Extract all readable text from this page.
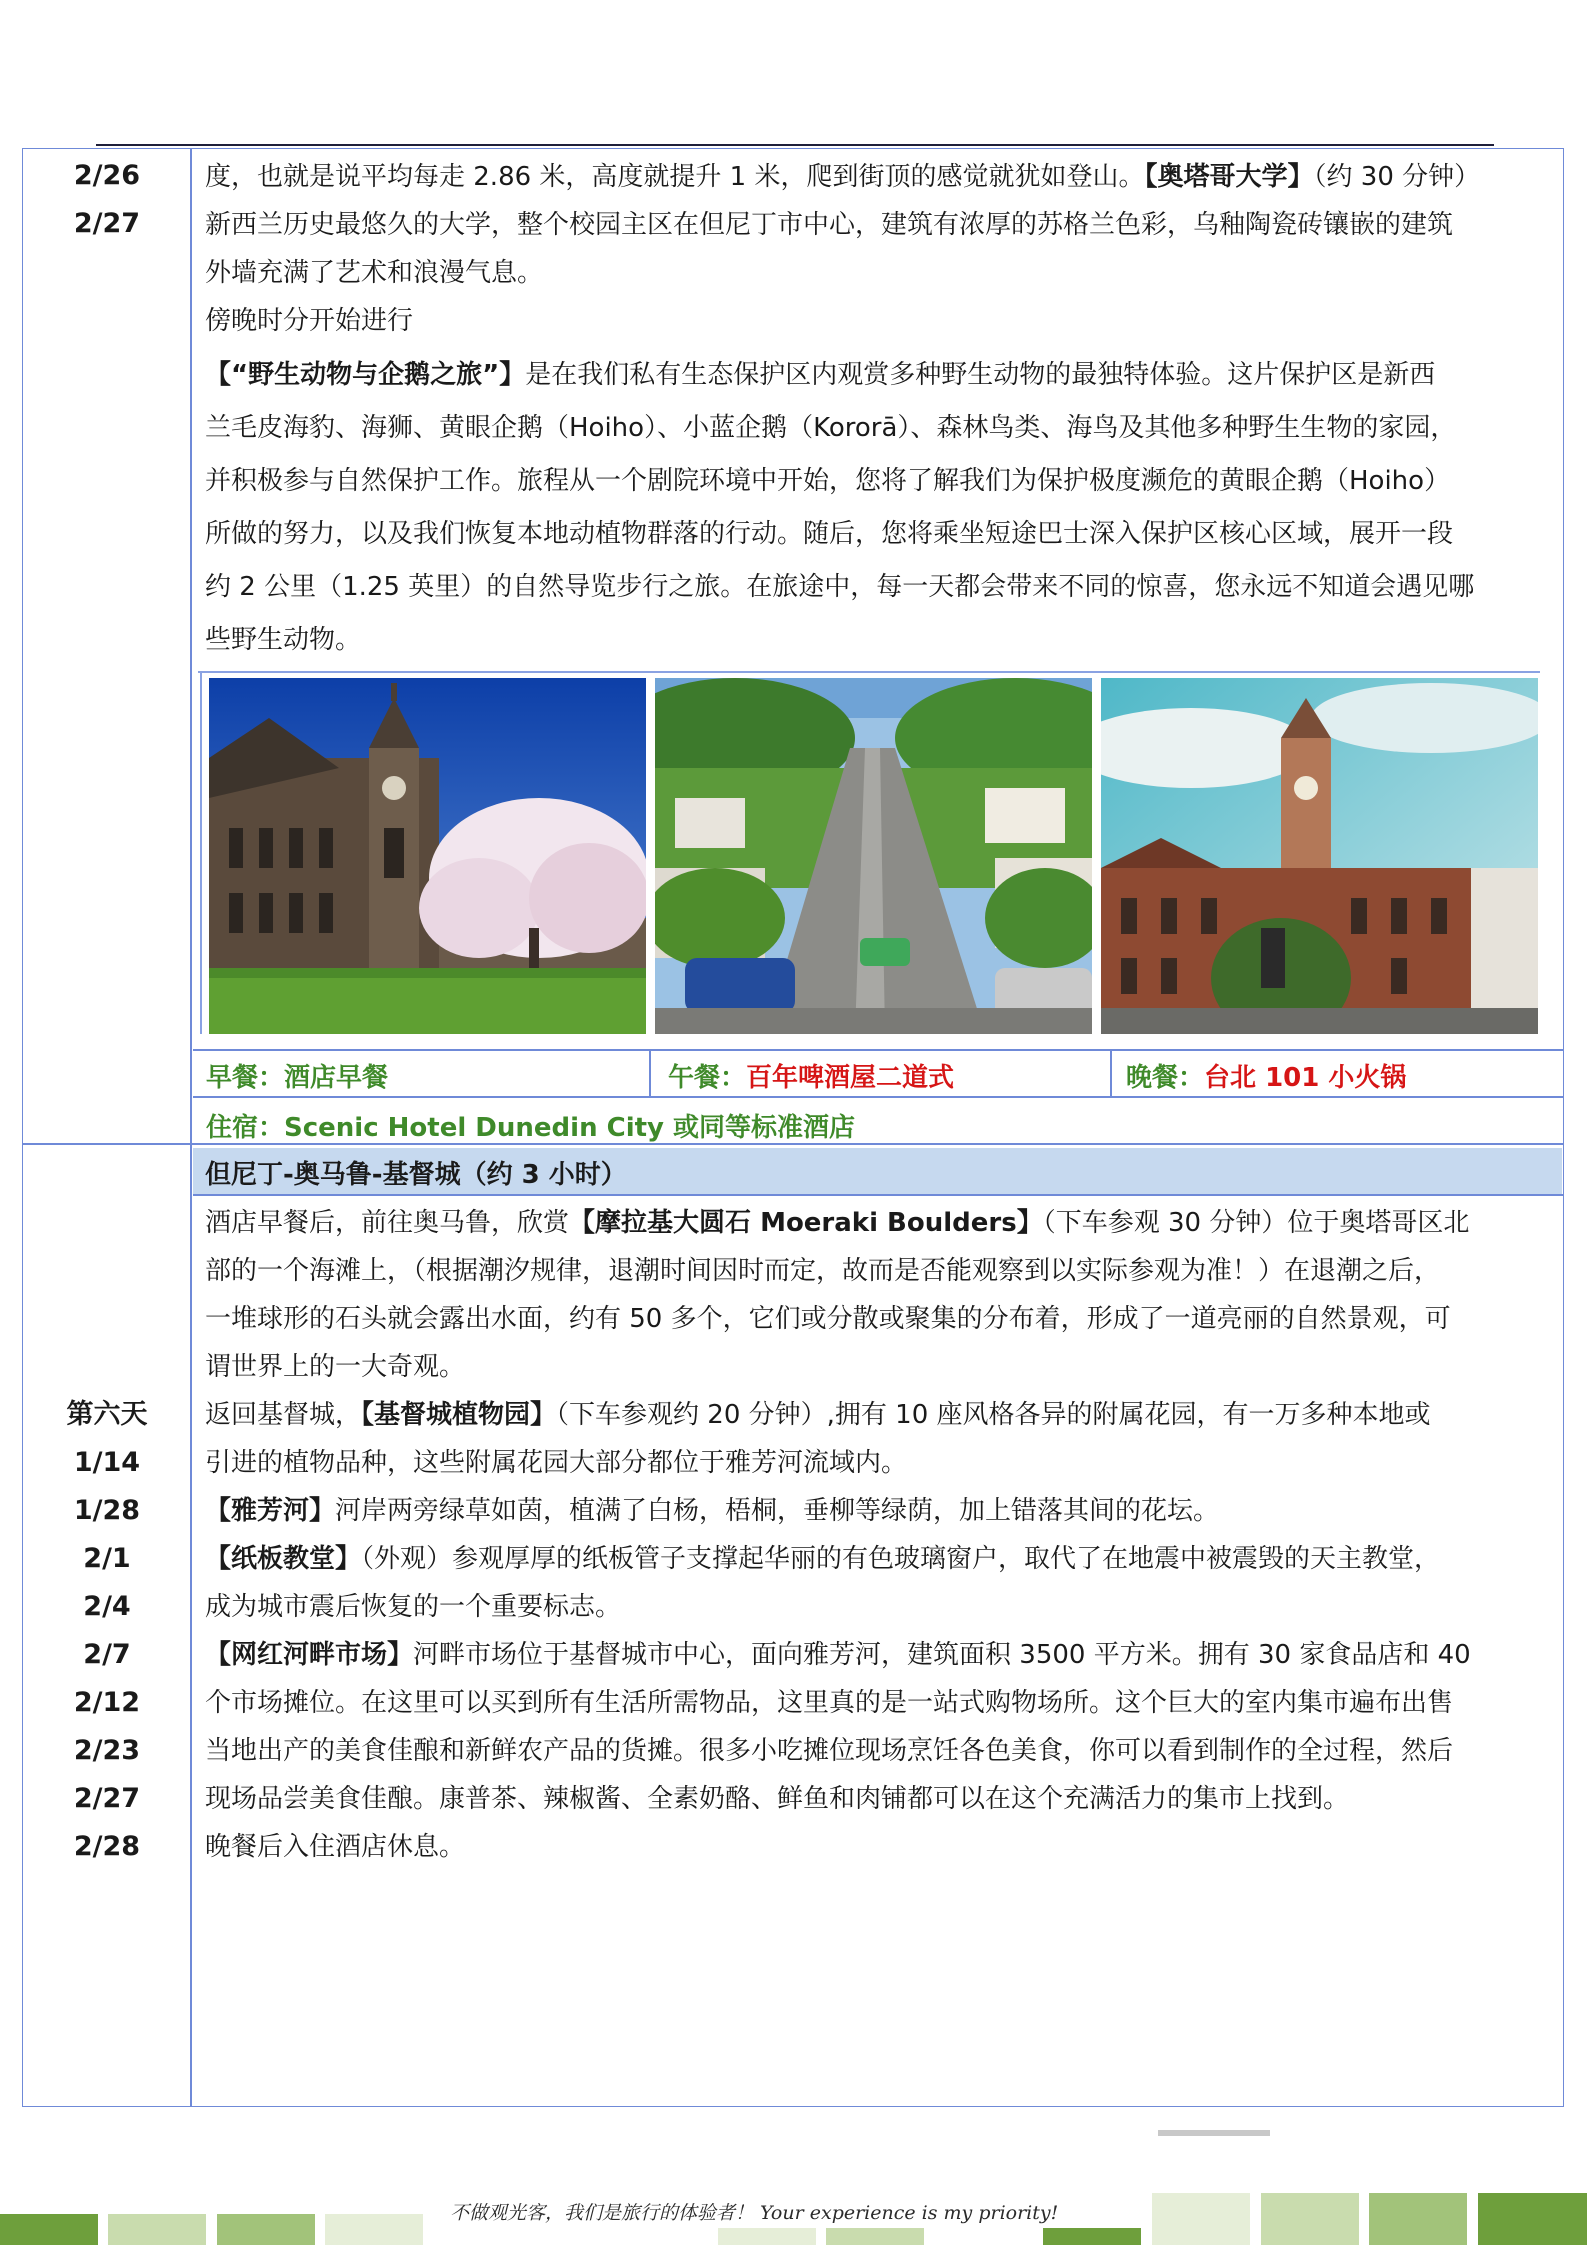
2/26
2/27

度，也就是说平均每走 2.86 米，高度就提升 1 米，爬到街顶的感觉就犹如登山。【奥塔哥大学】（约 30 分钟）

新西兰历史最悠久的大学，整个校园主区在但尼丁市中心，建筑有浓厚的苏格兰色彩，乌釉陶瓷砖镶嵌的建筑

外墙充满了艺术和浪漫气息。

傍晚时分开始进行

【“野生动物与企鹅之旅”】是在我们私有生态保护区内观赏多种野生动物的最独特体验。这片保护区是新西

兰毛皮海豹、海狮、黄眼企鹅（Hoiho）、小蓝企鹅（Kororā）、森林鸟类、海鸟及其他多种野生生物的家园，

并积极参与自然保护工作。旅程从一个剧院环境中开始，您将了解我们为保护极度濒危的黄眼企鹅（Hoiho）

所做的努力，以及我们恢复本地动植物群落的行动。随后，您将乘坐短途巴士深入保护区核心区域，展开一段

约 2 公里（1.25 英里）的自然导览步行之旅。在旅途中，每一天都会带来不同的惊喜，您永远不知道会遇见哪

些野生动物。

早餐：酒店早餐	午餐：百年啤酒屋二道式	晚餐：台北 101 小火锅
住宿：Scenic Hotel Dunedin City 或同等标准酒店
但尼丁-奥马鲁-基督城（约 3 小时）
第六天
1/14
1/28
2/1
2/4
2/7
2/12
2/23
2/27
2/28

酒店早餐后，前往奥马鲁，欣赏【摩拉基大圆石 Moeraki Boulders】（下车参观 30 分钟）位于奥塔哥区北

部的一个海滩上，（根据潮汐规律，退潮时间因时而定，故而是否能观察到以实际参观为准！）在退潮之后，

一堆球形的石头就会露出水面，约有 50 多个，它们或分散或聚集的分布着，形成了一道亮丽的自然景观，可

谓世界上的一大奇观。

返回基督城，【基督城植物园】（下车参观约 20 分钟）,拥有 10 座风格各异的附属花园，有一万多种本地或

引进的植物品种，这些附属花园大部分都位于雅芳河流域内。

【雅芳河】河岸两旁绿草如茵，植满了白杨，梧桐，垂柳等绿荫，加上错落其间的花坛。

【纸板教堂】（外观）参观厚厚的纸板管子支撑起华丽的有色玻璃窗户，取代了在地震中被震毁的天主教堂，

成为城市震后恢复的一个重要标志。

【网红河畔市场】河畔市场位于基督城市中心，面向雅芳河，建筑面积 3500 平方米。拥有 30 家食品店和 40

个市场摊位。在这里可以买到所有生活所需物品，这里真的是一站式购物场所。这个巨大的室内集市遍布出售

当地出产的美食佳酿和新鲜农产品的货摊。很多小吃摊位现场烹饪各色美食，你可以看到制作的全过程，然后

现场品尝美食佳酿。康普茶、辣椒酱、全素奶酪、鲜鱼和肉铺都可以在这个充满活力的集市上找到。

晚餐后入住酒店休息。

不做观光客，我们是旅行的体验者！ Your experience is my priority!
